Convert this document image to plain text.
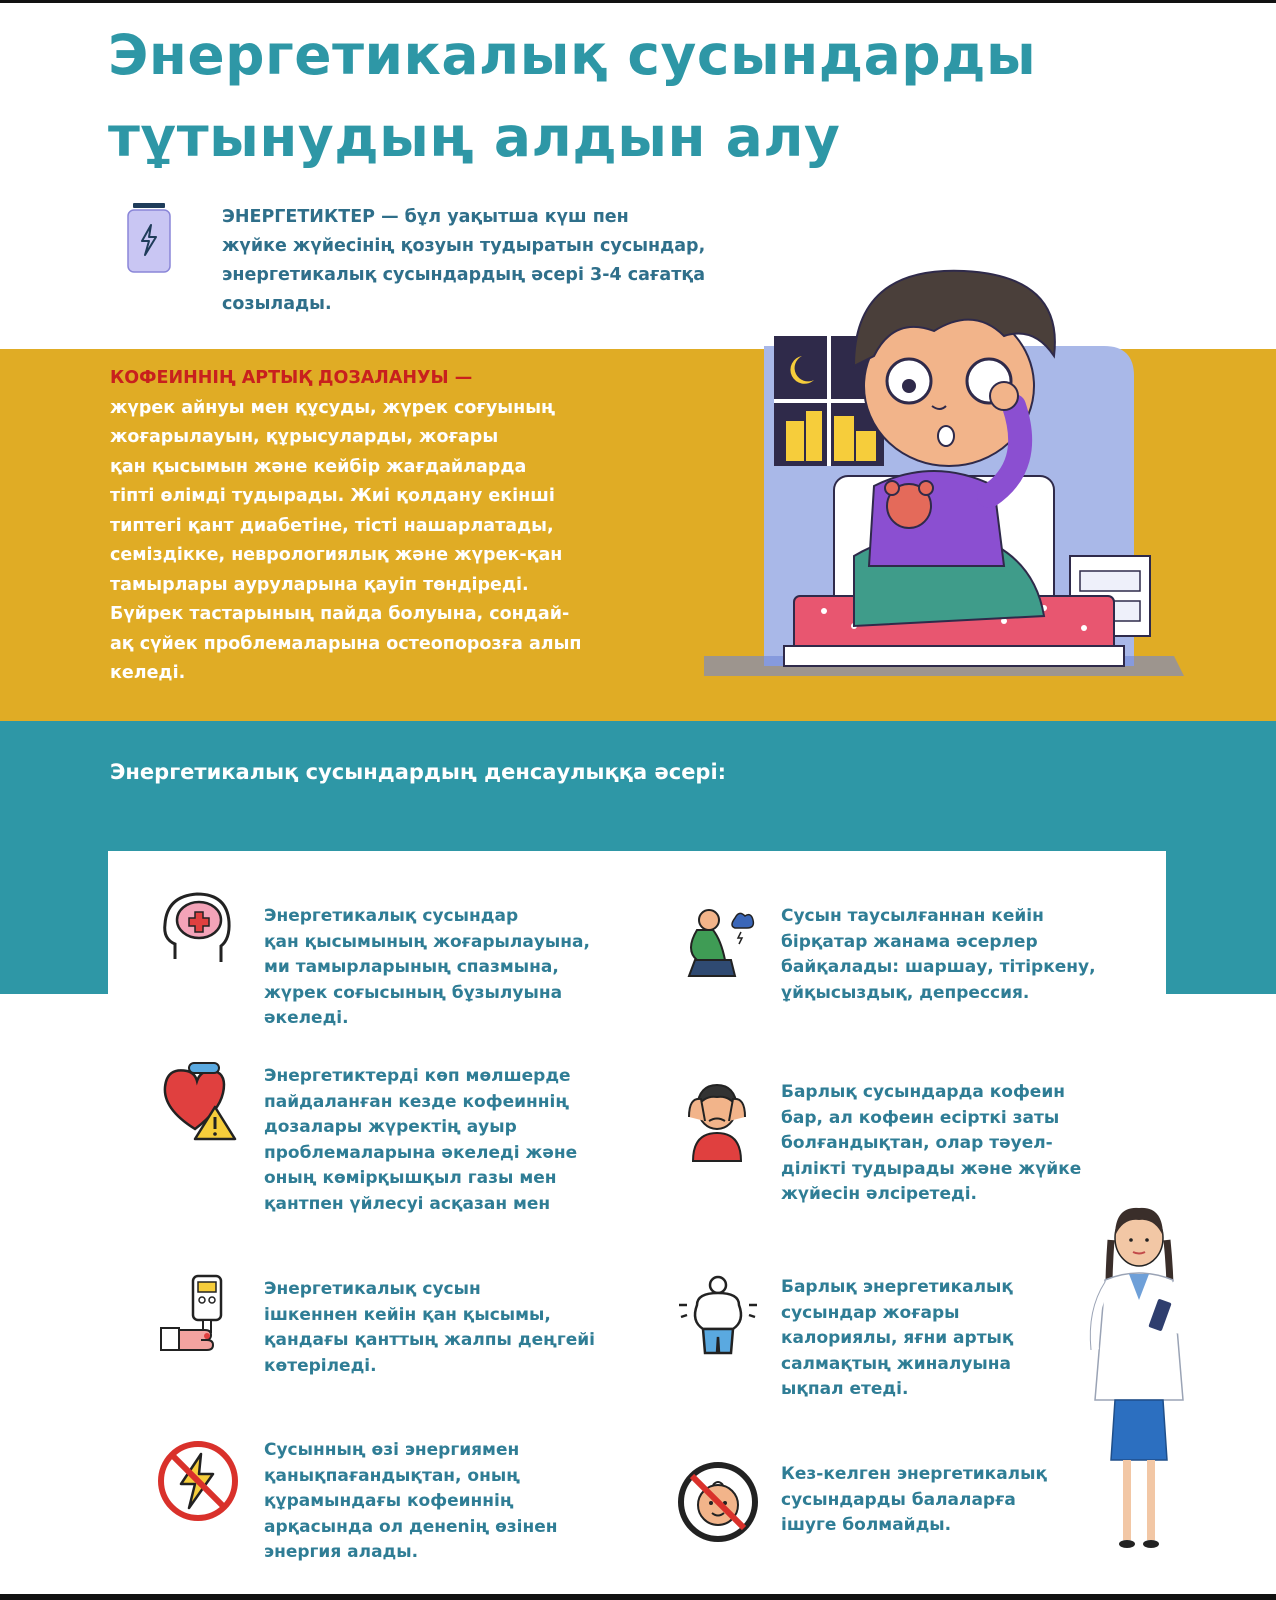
Энергетикалық сусындарды
тұтынудың алдын алу
ЭНЕРГЕТИКТЕР — бұл уақытша күш пен
жүйке жүйесінің қозуын тудыратын сусындар,
энергетикалық сусындардың әсері 3-4 сағатқа
созылады.
КОФЕИННІҢ АРТЫҚ ДОЗАЛАНУЫ —
жүрек айнуы мен құсуды, жүрек соғуының
жоғарылауын, құрысуларды, жоғары
қан қысымын және кейбір жағдайларда
тіпті өлімді тудырады. Жиі қолдану екінші
типтегі қант диабетіне, тісті нашарлатады,
семіздікке, неврологиялық және жүрек-қан
тамырлары ауруларына қауіп төндіреді.
Бүйрек тастарының пайда болуына, сондай-
ақ сүйек проблемаларына остеопорозға алып
келеді.
Энергетикалық сусындардың денсаулыққа әсері:
Энергетикалық сусындар
қан қысымының жоғарылауына,
ми тамырларының спазмына,
жүрек соғысының бұзылуына
әкеледі.
Сусын таусылғаннан кейін
бірқатар жанама әсерлер
байқалады: шаршау, тітіркену,
ұйқысыздық, депрессия.
Энергетиктерді көп мөлшерде
пайдаланған кезде кофеиннің
дозалары жүректің ауыр
проблемаларына әкеледі және
оның көмірқышқыл газы мен
қантпен үйлесуі асқазан мен
Барлық сусындарда кофеин
бар, ал кофеин есірткі заты
болғандықтан, олар тәуел-
ділікті тудырады және жүйке
жүйесін әлсіретеді.
Энергетикалық сусын
ішкеннен кейін қан қысымы,
қандағы қанттың жалпы деңгейі
көтеріледі.
Барлық энергетикалық
сусындар жоғары
калориялы, яғни артық
салмақтың жиналуына
ықпал етеді.
Сусынның өзі энергиямен
қанықпағандықтан, оның
құрамындағы кофеиннің
арқасында ол денenің өзінен
энергия алады.
Кез-келген энергетикалық
сусындарды балаларға
ішуге болмайды.
